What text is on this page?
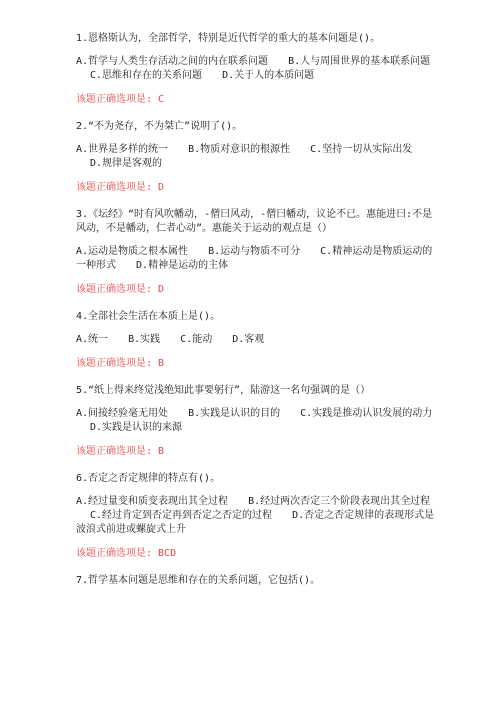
1.恩格斯认为，全部哲学，特别是近代哲学的重大的基本问题是()。

A.哲学与人类生存活动之间的内在联系问题 B.人与周围世界的基本联系问题 C.思维和存在的关系问题 D.关于人的本质问题

该题正确选项是: C

2.“不为尧存，不为桀亡”说明了()。

A.世界是多样的统一 B.物质对意识的根源性 C.坚持一切从实际出发 D.规律是客观的

该题正确选项是: D

3.《坛经》“时有风吹幡动，-僧曰风动，-僧曰幡动，议论不已。惠能进曰:不是风动，不是幡动，仁者心动”。惠能关于运动的观点是（）

A.运动是物质之根本属性 B.运动与物质不可分 C.精神运动是物质运动的一种形式 D.精神是运动的主体

该题正确选项是: D

4.全部社会生活在本质上是()。

A.统一 B.实践 C.能动 D.客观

该题正确选项是: B

5.“纸上得来终觉浅绝知此事要躬行”，陆游这一名句强调的是（）

A.间接经验毫无用处 B.实践是认识的目的 C.实践是推动认识发展的动力 D.实践是认识的来源

该题正确选项是: B

6.否定之否定规律的特点有()。

A.经过量变和质变表现出其全过程 B.经过两次否定三个阶段表现出其全过程 C.经过肯定到否定再到否定之否定的过程 D.否定之否定规律的表现形式是波浪式前进或螺旋式上升

该题正确选项是: BCD

7.哲学基本问题是思维和存在的关系问题，它包括()。
